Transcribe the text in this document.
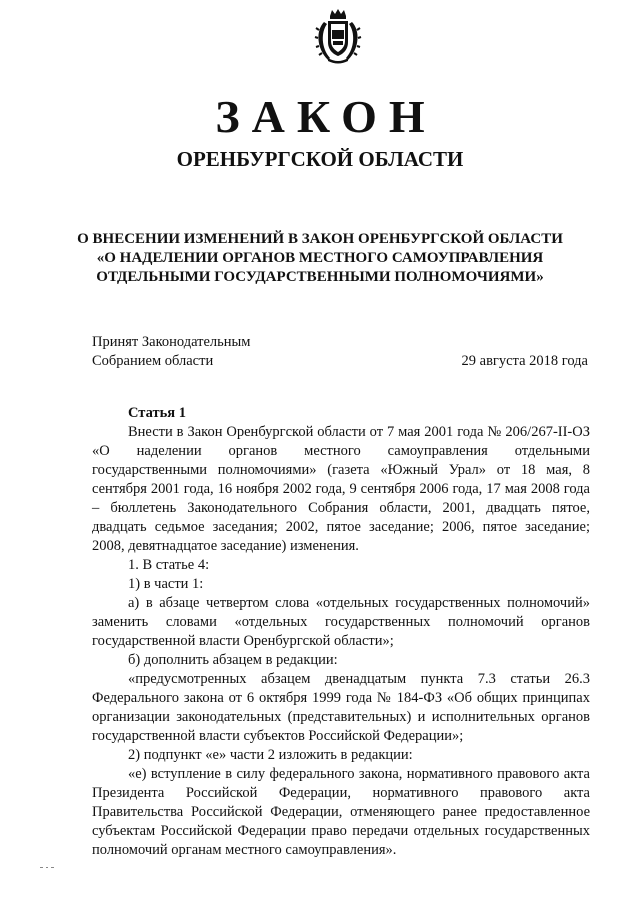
ЗАКОН
ОРЕНБУРГСКОЙ ОБЛАСТИ
О ВНЕСЕНИИ ИЗМЕНЕНИЙ В ЗАКОН ОРЕНБУРГСКОЙ ОБЛАСТИ
«О НАДЕЛЕНИИ ОРГАНОВ МЕСТНОГО САМОУПРАВЛЕНИЯ
ОТДЕЛЬНЫМИ ГОСУДАРСТВЕННЫМИ ПОЛНОМОЧИЯМИ»
Принят Законодательным
Собранием области	29 августа 2018 года

Статья 1

Внести в Закон Оренбургской области от 7 мая 2001 года № 206/267-II-ОЗ «О наделении органов местного самоуправления отдельными государственными полномочиями» (газета «Южный Урал» от 18 мая, 8 сентября 2001 года, 16 ноября 2002 года, 9 сентября 2006 года, 17 мая 2008 года – бюллетень Законодательного Собрания области, 2001, двадцать пятое, двадцать седьмое заседания; 2002, пятое заседание; 2006, пятое заседание; 2008, девятнадцатое заседание) изменения.

1. В статье 4:

1) в части 1:

а) в абзаце четвертом слова «отдельных государственных полномочий» заменить словами «отдельных государственных полномочий органов государственной власти Оренбургской области»;

б) дополнить абзацем в редакции:

«предусмотренных абзацем двенадцатым пункта 7.3 статьи 26.3 Федерального закона от 6 октября 1999 года № 184-ФЗ «Об общих принципах организации законодательных (представительных) и исполнительных органов государственной власти субъектов Российской Федерации»;

2) подпункт «е» части 2 изложить в редакции:

«е) вступление в силу федерального закона, нормативного правового акта Президента Российской Федерации, нормативного правового акта Правительства Российской Федерации, отменяющего ранее предоставленное субъектам Российской Федерации право передачи отдельных государственных полномочий органам местного самоуправления».
